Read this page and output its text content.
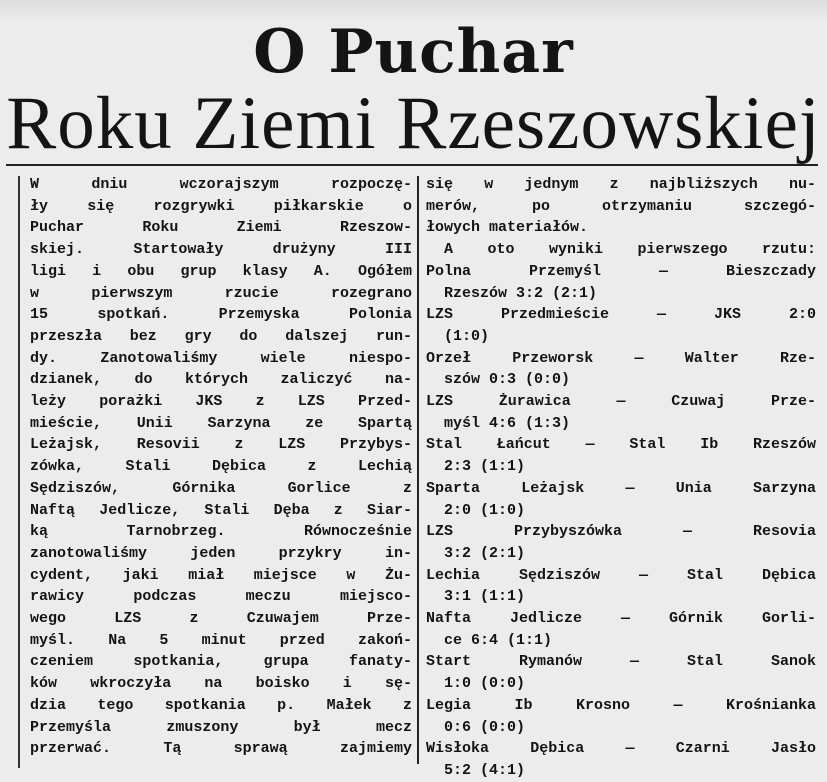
O Puchar
Roku Ziemi Rzeszowskiej
W	dniu	wczorajszym	rozpoczę-
ły	się	rozgrywki	piłkarskie	o
Puchar	Roku	Ziemi	Rzeszow-
skiej.	Startowały	drużyny	III
ligi i obu grup klasy A. Ogółem
w	pierwszym	rzucie	rozegrano
15	spotkań.	Przemyska	Polonia
przeszła bez gry do dalszej run-
dy.	Zanotowaliśmy	wiele	niespo-
dzianek, do których zaliczyć na-
leży porażki JKS z LZS Przed-
mieście, Unii Sarzyna ze Spartą
Leżajsk, Resovii z LZS Przybys-
zówka,	Stali	Dębica	z	Lechią
Sędziszów,	Górnika	Gorlice	z
Naftą Jedlicze, Stali Dęba z Siar-
ką	Tarnobrzeg.	Równocześnie
zanotowaliśmy	jeden	przykry	in-
cydent, jaki miał miejsce w Żu-
rawicy	podczas	meczu	miejsco-
wego	LZS	z	Czuwajem	Prze-
myśl. Na 5 minut przed zakoń-
czeniem	spotkania,	grupa	fanaty-
ków wkroczyła na boisko i sę-
dzia tego spotkania p. Małek z
Przemyśla	zmuszony	był	mecz
przerwać.	Tą	sprawą	zajmiemy
się w jednym z najbliższych nu-
merów,	po	otrzymaniu	szczegó-
łowych materiałów.
A oto wyniki pierwszego rzutu:
Polna	Przemyśl	—	Bieszczady
Rzeszów 3:2 (2:1)
LZS	Przedmieście	—	JKS	2:0
(1:0)
Orzeł	Przeworsk	—	Walter	Rze-
szów 0:3 (0:0)
LZS	Żurawica	—	Czuwaj	Prze-
myśl 4:6 (1:3)
Stal Łańcut — Stal Ib Rzeszów
2:3 (1:1)
Sparta	Leżajsk	—	Unia	Sarzyna
2:0 (1:0)
LZS	Przybyszówka	—	Resovia
3:2 (2:1)
Lechia	Sędziszów	—	Stal	Dębica
3:1 (1:1)
Nafta	Jedlicze	—	Górnik	Gorli-
ce 6:4 (1:1)
Start	Rymanów	—	Stal	Sanok
1:0 (0:0)
Legia	Ib	Krosno	—	Krośnianka
0:6 (0:0)
Wisłoka	Dębica	—	Czarni	Jasło
5:2 (4:1)
